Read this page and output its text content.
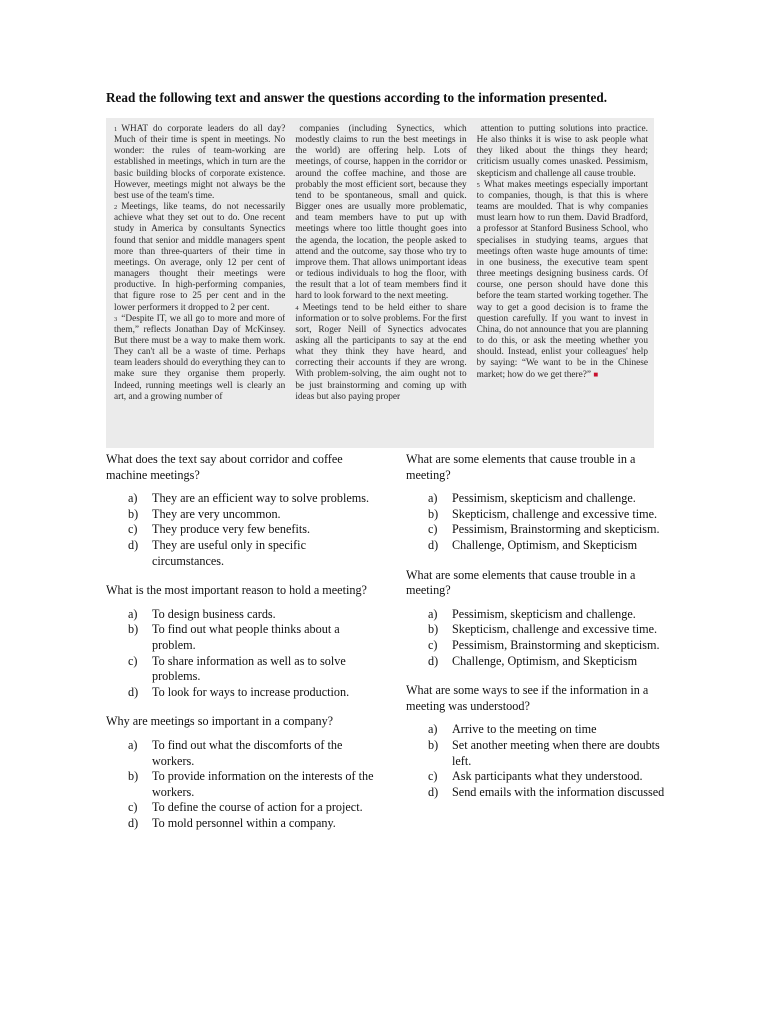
Read the following text and answer the questions according to the information presented.

$^1$ WHAT do corporate leaders do all day? Much of their time is spent in meetings. No wonder: the rules of team-working are established in meetings, which in turn are the basic building blocks of corporate existence. However, meetings might not always be the best use of the team's time.

$^2$ Meetings, like teams, do not necessarily achieve what they set out to do. One recent study in America by consultants Synectics found that senior and middle managers spent more than three-quarters of their time in meetings. On average, only 12 per cent of managers thought their meetings were productive. In high-performing companies, that figure rose to 25 per cent and in the lower performers it dropped to 2 per cent.

$^3$ “Despite IT, we all go to more and more of them,” reflects Jonathan Day of McKinsey. But there must be a way to make them work. They can't all be a waste of time. Perhaps team leaders should do everything they can to make sure they organise them properly. Indeed, running meetings well is clearly an art, and a growing number of

companies (including Synectics, which modestly claims to run the best meetings in the world) are offering help. Lots of meetings, of course, happen in the corridor or around the coffee machine, and those are probably the most efficient sort, because they tend to be spontaneous, small and quick. Bigger ones are usually more problematic, and team members have to put up with meetings where too little thought goes into the agenda, the location, the people asked to attend and the outcome, say those who try to improve them. That allows unimportant ideas or tedious individuals to hog the floor, with the result that a lot of team members find it hard to look forward to the next meeting.

$^4$ Meetings tend to be held either to share information or to solve problems. For the first sort, Roger Neill of Synectics advocates asking all the participants to say at the end what they think they have heard, and correcting their accounts if they are wrong. With problem-solving, the aim ought not to be just brainstorming and coming up with ideas but also paying proper

attention to putting solutions into practice. He also thinks it is wise to ask people what they liked about the things they heard; criticism usually comes unasked. Pessimism, skepticism and challenge all cause trouble.

$^5$ What makes meetings especially important to companies, though, is that this is where teams are moulded. That is why companies must learn how to run them. David Bradford, a professor at Stanford Business School, who specialises in studying teams, argues that meetings often waste huge amounts of time: in one business, the executive team spent three meetings designing business cards. Of course, one person should have done this before the team started working together. The way to get a good decision is to frame the question carefully. If you want to invest in China, do not announce that you are planning to do this, or ask the meeting whether you should. Instead, enlist your colleagues' help by saying: “We want to be in the Chinese market; how do we get there?” ■

What does the text say about corridor and coffee machine meetings?

a) They are an efficient way to solve problems.
b) They are very uncommon.
c) They produce very few benefits.
d) They are useful only in specific circumstances.

What is the most important reason to hold a meeting?

a) To design business cards.
b) To find out what people thinks about a problem.
c) To share information as well as to solve problems.
d) To look for ways to increase production.

Why are meetings so important in a company?

a) To find out what the discomforts of the workers.
b) To provide information on the interests of the workers.
c) To define the course of action for a project.
d) To mold personnel within a company.

What are some elements that cause trouble in a meeting?

a) Pessimism, skepticism and challenge.
b) Skepticism, challenge and excessive time.
c) Pessimism, Brainstorming and skepticism.
d) Challenge, Optimism, and Skepticism

What are some elements that cause trouble in a meeting?

a) Pessimism, skepticism and challenge.
b) Skepticism, challenge and excessive time.
c) Pessimism, Brainstorming and skepticism.
d) Challenge, Optimism, and Skepticism

What are some ways to see if the information in a meeting was understood?

a) Arrive to the meeting on time
b) Set another meeting when there are doubts left.
c) Ask participants what they understood.
d) Send emails with the information discussed
